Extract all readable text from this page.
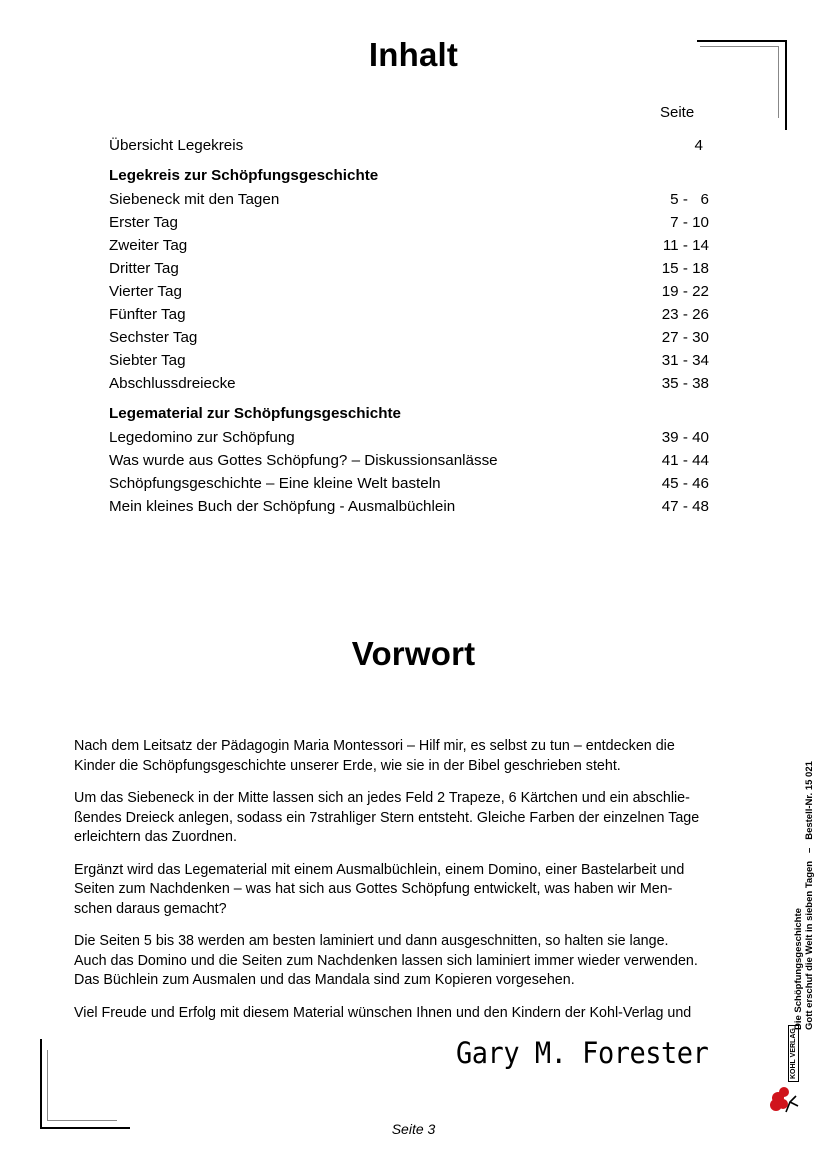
Inhalt
Seite
Übersicht Legekreis	4
Legekreis zur Schöpfungsgeschichte
Siebeneck mit den Tagen	5 -   6
Erster Tag	7 - 10
Zweiter Tag	11 - 14
Dritter Tag	15 - 18
Vierter Tag	19 - 22
Fünfter Tag	23 - 26
Sechster Tag	27 - 30
Siebter Tag	31 - 34
Abschlussdreiecke	35 - 38
Legematerial zur Schöpfungsgeschichte
Legedomino zur Schöpfung	39 - 40
Was wurde aus Gottes Schöpfung? – Diskussionsanlässe	41 - 44
Schöpfungsgeschichte – Eine kleine Welt basteln	45 - 46
Mein kleines Buch der Schöpfung - Ausmalbüchlein	47 - 48
Vorwort

Nach dem Leitsatz der Pädagogin Maria Montessori – Hilf mir, es selbst zu tun – entdecken die
Kinder die Schöpfungsgeschichte unserer Erde, wie sie in der Bibel geschrieben steht.

Um das Siebeneck in der Mitte lassen sich an jedes Feld 2 Trapeze, 6 Kärtchen und ein abschlie-
ßendes Dreieck anlegen, sodass ein 7strahliger Stern entsteht. Gleiche Farben der einzelnen Tage
erleichtern das Zuordnen.

Ergänzt wird das Legematerial mit einem Ausmalbüchlein, einem Domino, einer Bastelarbeit und
Seiten zum Nachdenken – was hat sich aus Gottes Schöpfung entwickelt, was haben wir Men-
schen daraus gemacht?

Die Seiten 5 bis 38 werden am besten laminiert und dann ausgeschnitten, so halten sie lange.
Auch das Domino und die Seiten zum Nachdenken lassen sich laminiert immer wieder verwenden.
Das Büchlein zum Ausmalen und das Mandala sind zum Kopieren vorgesehen.

Viel Freude und Erfolg mit diesem Material wünschen Ihnen und den Kindern der Kohl-Verlag und

Gary M. Forester
Seite 3
Die Schöpfungsgeschichte Gott erschuf die Welt in sieben Tagen   –   Bestell-Nr. 15 021
KOHL VERLAG
